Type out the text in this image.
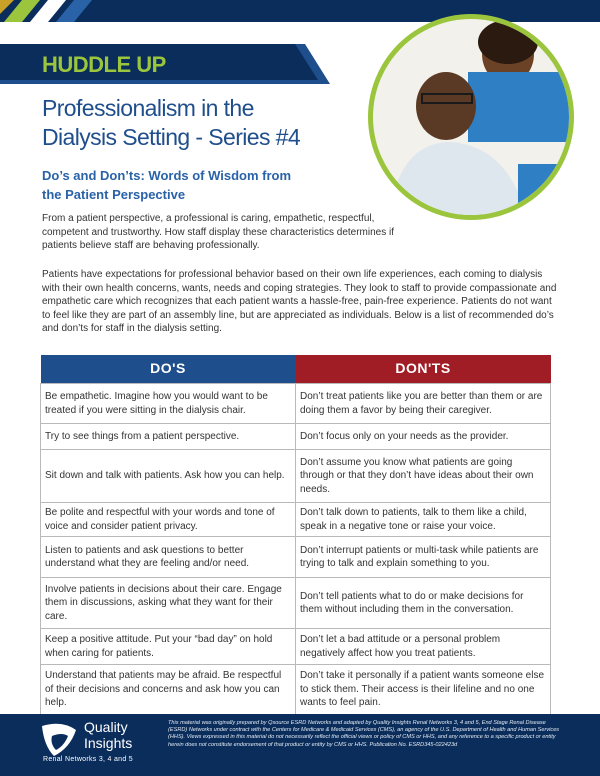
HUDDLE UP
Professionalism in the
Dialysis Setting - Series #4
Do’s and Don’ts: Words of Wisdom from
the Patient Perspective
From a patient perspective, a professional is caring, empathetic, respectful, competent and trustworthy. How staff display these characteristics determines if patients believe staff are behaving professionally.
Patients have expectations for professional behavior based on their own life experiences, each coming to dialysis with their own health concerns, wants, needs and coping strategies. They look to staff to provide compassionate and empathetic care which recognizes that each patient wants a hassle-free, pain-free experience. Patients do not want to feel like they are part of an assembly line, but are appreciated as individuals. Below is a list of recommended do’s and don’ts for staff in the dialysis setting.
DO'S	DON'TS
Be empathetic. Imagine how you would want to be treated if you were sitting in the dialysis chair.	Don’t treat patients like you are better than them or are doing them a favor by being their caregiver.
Try to see things from a patient perspective.	Don’t focus only on your needs as the provider.
Sit down and talk with patients. Ask how you can help.	Don’t assume you know what patients are going through or that they don’t have ideas about their own needs.
Be polite and respectful with your words and tone of voice and consider patient privacy.	Don’t talk down to patients, talk to them like a child, speak in a negative tone or raise your voice.
Listen to patients and ask questions to better understand what they are feeling and/or need.	Don’t interrupt patients or multi-task while patients are trying to talk and explain something to you.
Involve patients in decisions about their care. Engage them in discussions, asking what they want for their care.	Don’t tell patients what to do or make decisions for them without including them in the conversation.
Keep a positive attitude. Put your “bad day” on hold when caring for patients.	Don’t let a bad attitude or a personal problem negatively affect how you treat patients.
Understand that patients may be afraid. Be respectful of their decisions and concerns and ask how you can help.	Don’t take it personally if a patient wants someone else to stick them. Their access is their lifeline and no one wants to feel pain.
Quality
Insights
Renal Networks 3, 4 and 5
This material was originally prepared by Qsource ESRD Networks and adapted by Quality Insights Renal Networks 3, 4 and 5, End Stage Renal Disease (ESRD) Networks under contract with the Centers for Medicare & Medicaid Services (CMS), an agency of the U.S. Department of Health and Human Services (HHS). Views expressed in this material do not necessarily reflect the official views or policy of CMS or HHS, and any reference to a specific product or entity herein does not constitute endorsement of that product or entity by CMS or HHS. Publication No. ESRD345-022423d
